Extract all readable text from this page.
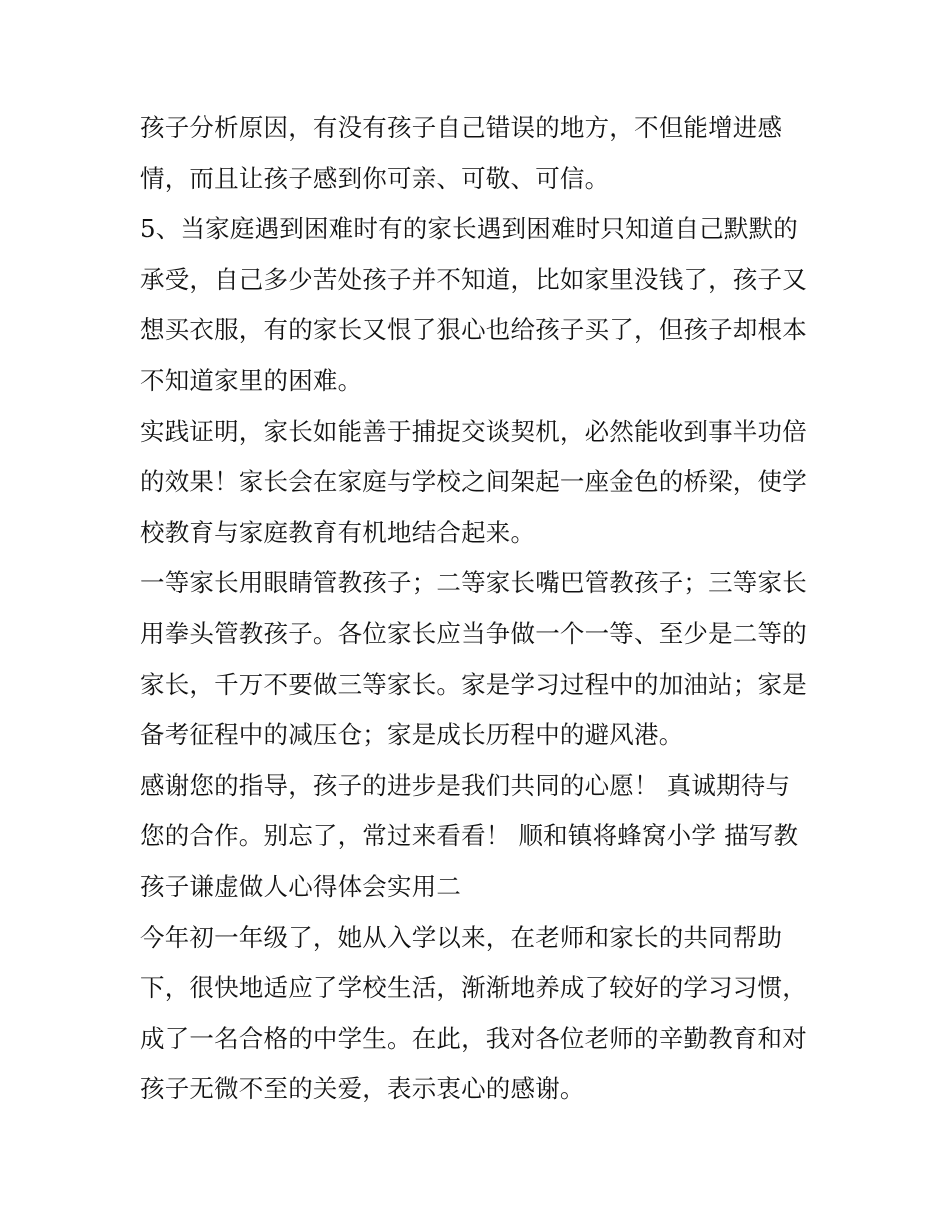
孩子分析原因，有没有孩子自己错误的地方，不但能增进感
情，而且让孩子感到你可亲、可敬、可信。
5、当家庭遇到困难时有的家长遇到困难时只知道自己默默的
承受，自己多少苦处孩子并不知道，比如家里没钱了，孩子又
想买衣服，有的家长又恨了狠心也给孩子买了，但孩子却根本
不知道家里的困难。
实践证明，家长如能善于捕捉交谈契机，必然能收到事半功倍
的效果！家长会在家庭与学校之间架起一座金色的桥梁，使学
校教育与家庭教育有机地结合起来。
一等家长用眼睛管教孩子；二等家长嘴巴管教孩子；三等家长
用拳头管教孩子。各位家长应当争做一个一等、至少是二等的
家长，千万不要做三等家长。家是学习过程中的加油站；家是
备考征程中的减压仓；家是成长历程中的避风港。
感谢您的指导，孩子的进步是我们共同的心愿！ 真诚期待与
您的合作。别忘了，常过来看看！ 顺和镇将蜂窝小学 描写教
孩子谦虚做人心得体会实用二
今年初一年级了，她从入学以来，在老师和家长的共同帮助
下，很快地适应了学校生活，渐渐地养成了较好的学习习惯，
成了一名合格的中学生。在此，我对各位老师的辛勤教育和对
孩子无微不至的关爱，表示衷心的感谢。
